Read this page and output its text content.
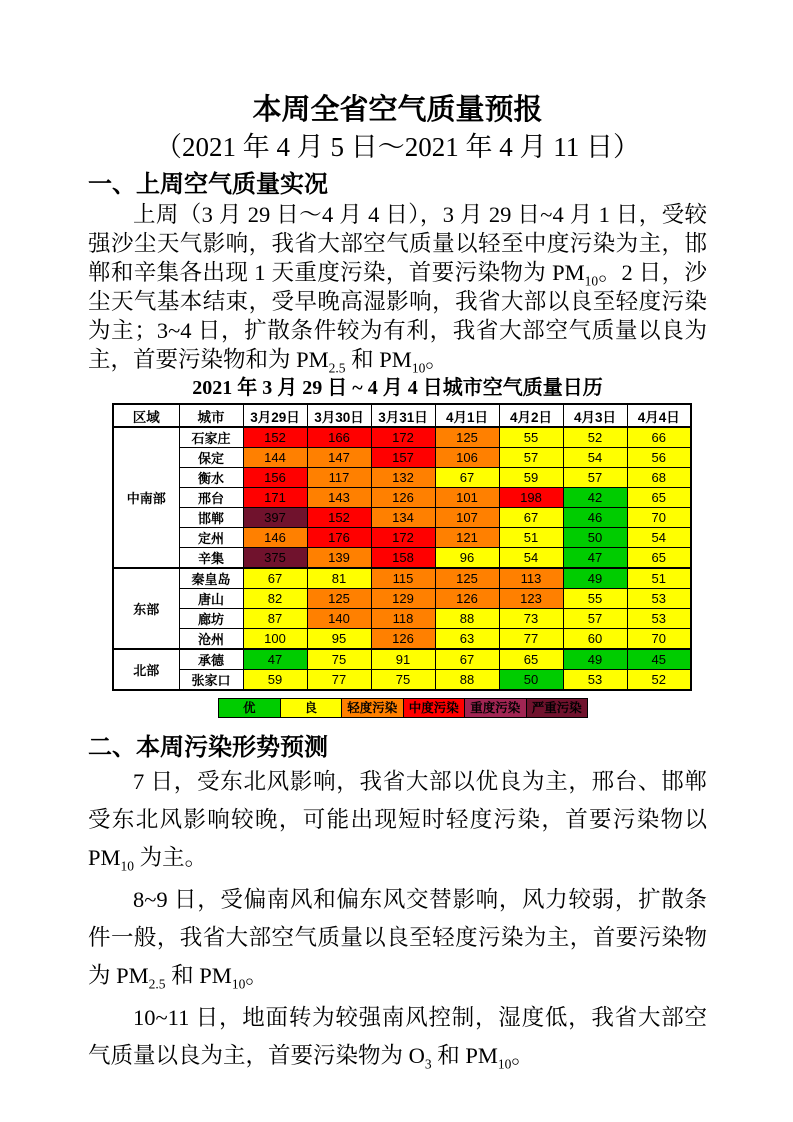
本周全省空气质量预报
（2021 年 4 月 5 日～2021 年 4 月 11 日）
一、上周空气质量实况

上周（3 月 29 日～4 月 4 日），3 月 29 日~4 月 1 日，受较强沙尘天气影响，我省大部空气质量以轻至中度污染为主，邯郸和辛集各出现 1 天重度污染，首要污染物为 $PM_{10}$。2 日，沙尘天气基本结束，受早晚高湿影响，我省大部以良至轻度污染为主；3~4 日，扩散条件较为有利，我省大部空气质量以良为主，首要污染物和为 $PM_{2.5}$ 和 $PM_{10}$。

2021 年 3 月 29 日 ~ 4 月 4 日城市空气质量日历
区域	城市	3月29日	3月30日	3月31日	4月1日	4月2日	4月3日	4月4日
中南部	石家庄	152	166	172	125	55	52	66
	保定	144	147	157	106	57	54	56
	衡水	156	117	132	67	59	57	68
	邢台	171	143	126	101	198	42	65
	邯郸	397	152	134	107	67	46	70
	定州	146	176	172	121	51	50	54
	辛集	375	139	158	96	54	47	65
东部	秦皇岛	67	81	115	125	113	49	51
	唐山	82	125	129	126	123	55	53
	廊坊	87	140	118	88	73	57	53
	沧州	100	95	126	63	77	60	70
北部	承德	47	75	91	67	65	49	45
	张家口	59	77	75	88	50	53	52
优	良	轻度污染 中度污染 重度污染 严重污染
二、本周污染形势预测

7 日，受东北风影响，我省大部以优良为主，邢台、邯郸受东北风影响较晚，可能出现短时轻度污染，首要污染物以 $PM_{10}$ 为主。

8~9 日，受偏南风和偏东风交替影响，风力较弱，扩散条件一般，我省大部空气质量以良至轻度污染为主，首要污染物为 $PM_{2.5}$ 和 $PM_{10}$。

10~11 日，地面转为较强南风控制，湿度低，我省大部空气质量以良为主，首要污染物为 $O_3$ 和 $PM_{10}$。
